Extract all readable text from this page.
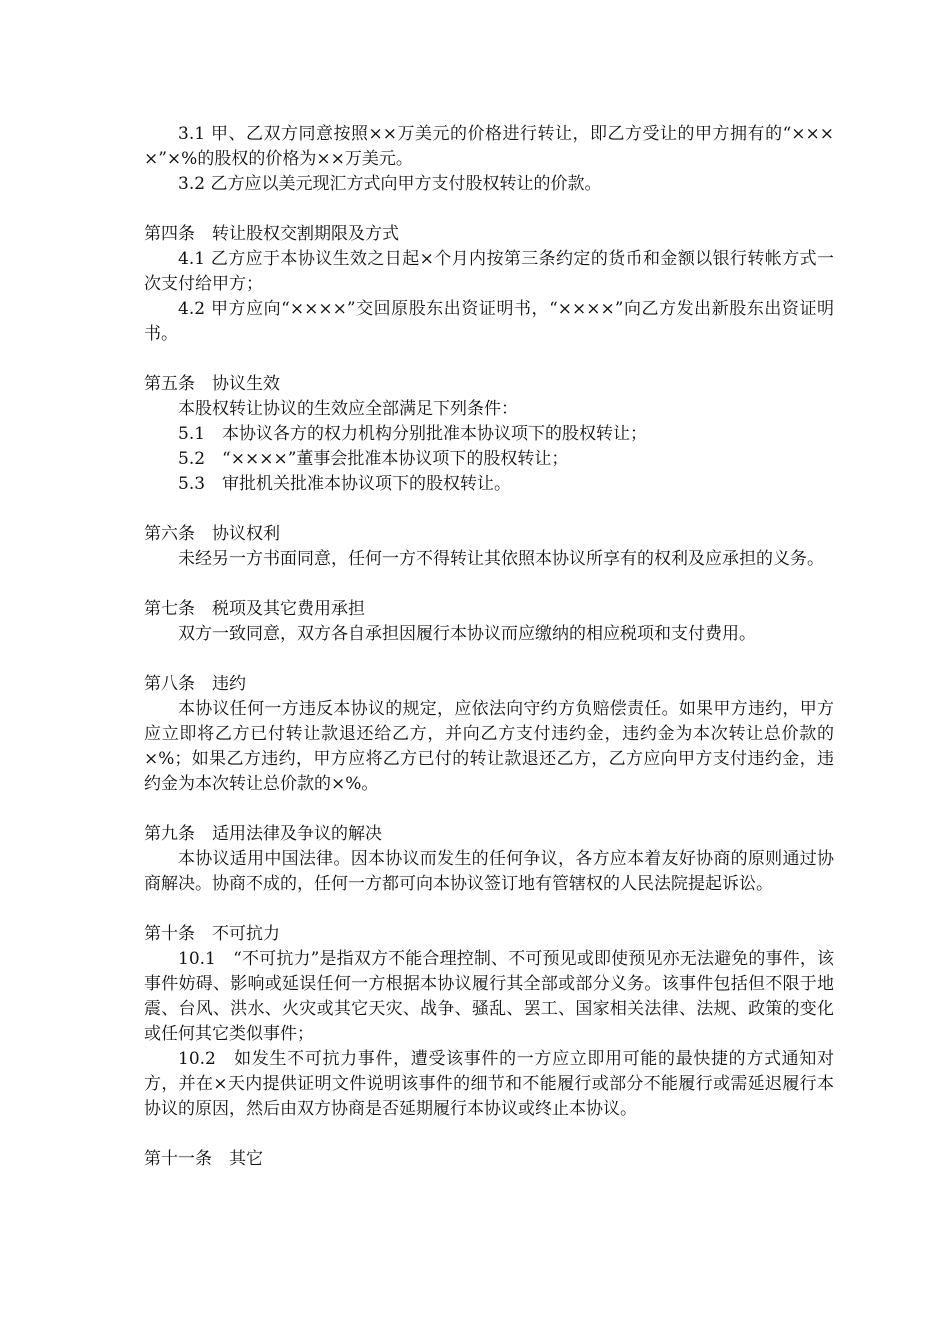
3.1 甲、乙双方同意按照××万美元的价格进行转让，即乙方受让的甲方拥有的“××××”×%的股权的价格为××万美元。

3.2 乙方应以美元现汇方式向甲方支付股权转让的价款。

第四条　转让股权交割期限及方式

4.1 乙方应于本协议生效之日起×个月内按第三条约定的货币和金额以银行转帐方式一次支付给甲方；

4.2 甲方应向“××××”交回原股东出资证明书，“××××”向乙方发出新股东出资证明书。

第五条　协议生效

本股权转让协议的生效应全部满足下列条件：

5.1　本协议各方的权力机构分别批准本协议项下的股权转让；

5.2　“××××”董事会批准本协议项下的股权转让；

5.3　审批机关批准本协议项下的股权转让。

第六条　协议权利

未经另一方书面同意，任何一方不得转让其依照本协议所享有的权利及应承担的义务。

第七条　税项及其它费用承担

双方一致同意，双方各自承担因履行本协议而应缴纳的相应税项和支付费用。

第八条　违约

本协议任何一方违反本协议的规定，应依法向守约方负赔偿责任。如果甲方违约，甲方应立即将乙方已付转让款退还给乙方，并向乙方支付违约金，违约金为本次转让总价款的×%；如果乙方违约，甲方应将乙方已付的转让款退还乙方，乙方应向甲方支付违约金，违约金为本次转让总价款的×%。

第九条　适用法律及争议的解决

本协议适用中国法律。因本协议而发生的任何争议，各方应本着友好协商的原则通过协商解决。协商不成的，任何一方都可向本协议签订地有管辖权的人民法院提起诉讼。

第十条　不可抗力

10.1　“不可抗力”是指双方不能合理控制、不可预见或即使预见亦无法避免的事件，该事件妨碍、影响或延误任何一方根据本协议履行其全部或部分义务。该事件包括但不限于地震、台风、洪水、火灾或其它天灾、战争、骚乱、罢工、国家相关法律、法规、政策的变化或任何其它类似事件；

10.2　如发生不可抗力事件，遭受该事件的一方应立即用可能的最快捷的方式通知对方，并在×天内提供证明文件说明该事件的细节和不能履行或部分不能履行或需延迟履行本协议的原因，然后由双方协商是否延期履行本协议或终止本协议。

第十一条　其它
